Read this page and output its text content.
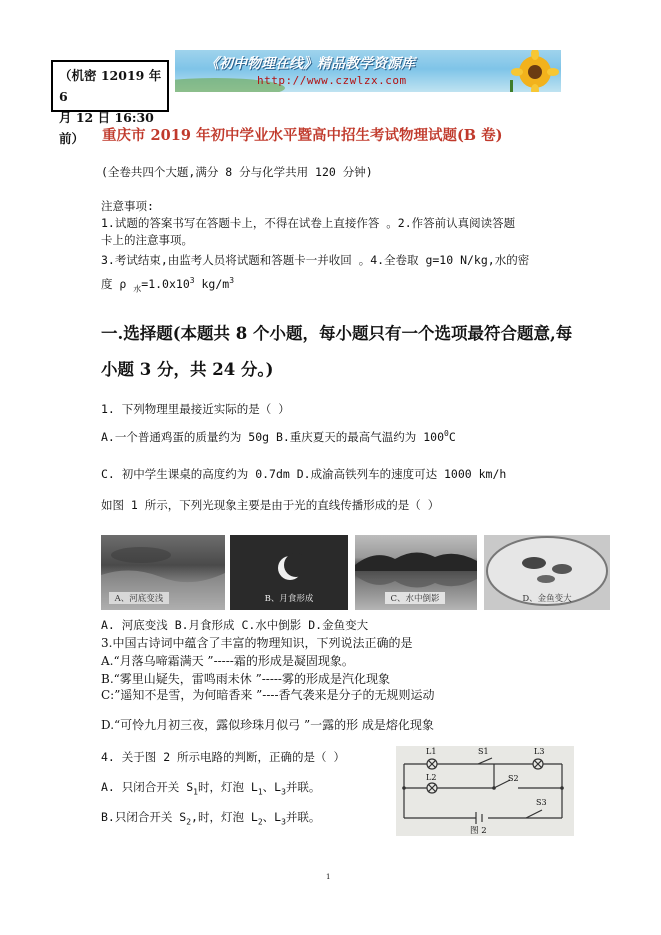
（机密 12019 年 6
月 12 日 16:30 前）
《初中物理在线》精品教学资源库
http://www.czwlzx.com
重庆市 2019 年初中学业水平暨高中招生考试物理试题(B 卷)
(全卷共四个大题,满分 8 分与化学共用 120 分钟)
注意事项:
1.试题的答案书写在答题卡上，不得在试卷上直接作答 。2.作答前认真阅读答题
卡上的注意事项。
3.考试结束,由监考人员将试题和答题卡一并收回 。4.全卷取 g=10 N/kg,水的密
度 ρ $_水=1.0x10^3$ $kg/m^3$
一.选择题(本题共 8 个小题，每小题只有一个选项最符合题意,每
小题 3 分，共 24 分。)
1. 下列物理里最接近实际的是（ ）
A.一个普通鸡蛋的质量约为 50g B.重庆夏天的最高气温约为 $100^0C$
C. 初中学生课桌的高度约为 0.7dm D.成渝高铁列车的速度可达 1000 km/h
如图 1 所示，下列光现象主要是由于光的直线传播形成的是（ ）
A、河底变浅	B、月食形成	C、水中倒影	D、金鱼变大
A. 河底变浅 B.月食形成 C.水中倒影 D.金鱼变大
3.中国古诗词中蕴含了丰富的物理知识，下列说法正确的是
A.“月落乌啼霜满天 ”-----霜的形成是凝固现象。
B.“雾里山疑失，雷鸣雨未休 ”-----雾的形成是汽化现象
C:”遥知不是雪，为何暗香来 ”----香气袭来是分子的无规则运动
D.“可怜九月初三夜，露似珍珠月似弓 ”一露的形 成是熔化现象
4. 关于图 2 所示电路的判断，正确的是（ ）
A. 只闭合开关 $S_1$时，灯泡 $L_1$、$L_3$并联。
B.只闭合开关 $S_2$,时，灯泡 $L_2$、$L_3$并联。
L1	S1	L3
L2	S2
S3
图 2
1
